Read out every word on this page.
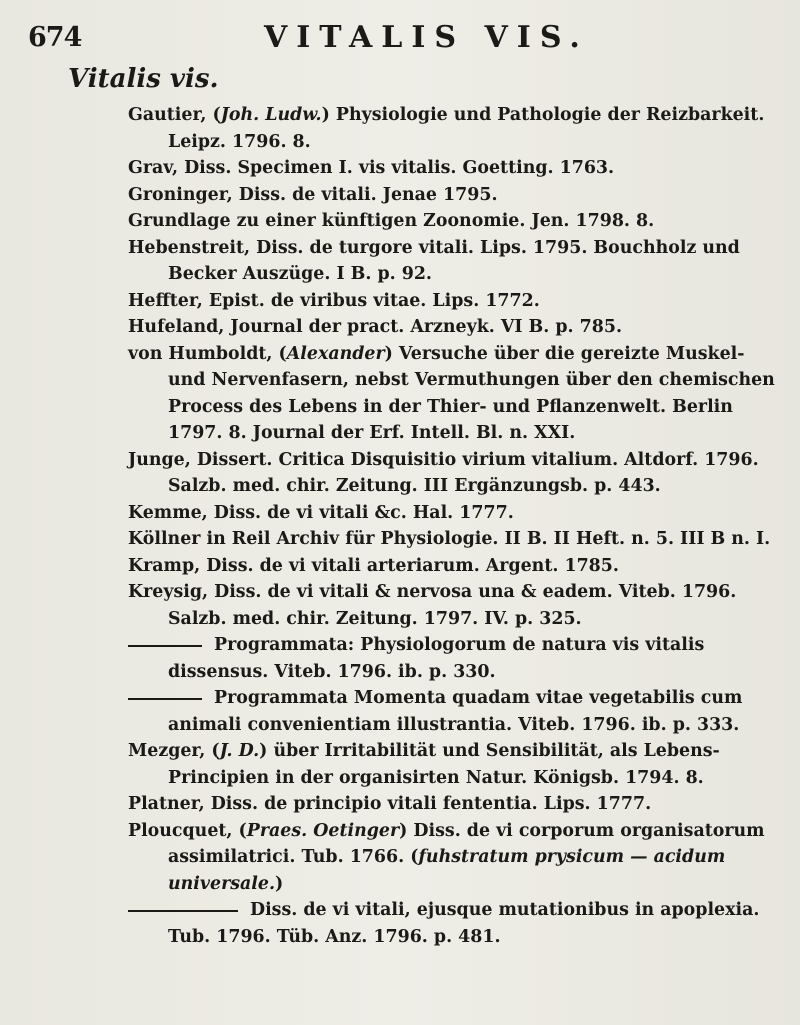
674	VITALIS VIS.
Vitalis vis.
Gautier, (Joh. Ludw.) Physiologie und Pathologie der Reizbarkeit. Leipz. 1796. 8.
Grav, Diss. Specimen I. vis vitalis. Goetting. 1763.
Groninger, Diss. de vitali. Jenae 1795.
Grundlage zu einer künftigen Zoonomie. Jen. 1798. 8.
Hebenstreit, Diss. de turgore vitali. Lips. 1795. Bouchholz und Becker Auszüge. I B. p. 92.
Heffter, Epist. de viribus vitae. Lips. 1772.
Hufeland, Journal der pract. Arzneyk. VI B. p. 785.
von Humboldt, (Alexander) Versuche über die gereizte Muskel- und Nervenfasern, nebst Vermuthungen über den chemischen Process des Lebens in der Thier- und Pflanzenwelt. Berlin 1797. 8. Journal der Erf. Intell. Bl. n. XXI.
Junge, Dissert. Critica Disquisitio virium vitalium. Altdorf. 1796. Salzb. med. chir. Zeitung. III Ergänzungsb. p. 443.
Kemme, Diss. de vi vitali &c. Hal. 1777.
Köllner in Reil Archiv für Physiologie. II B. II Heft. n. 5. III B n. I.
Kramp, Diss. de vi vitali arteriarum. Argent. 1785.
Kreysig, Diss. de vi vitali & nervosa una & eadem. Viteb. 1796. Salzb. med. chir. Zeitung. 1797. IV. p. 325.
Programmata: Physiologorum de natura vis vitalis dissensus. Viteb. 1796. ib. p. 330.
Programmata Momenta quadam vitae vegetabilis cum animali convenientiam illustrantia. Viteb. 1796. ib. p. 333.
Mezger, (J. D.) über Irritabilität und Sensibilität, als Lebens-Principien in der organisirten Natur. Königsb. 1794. 8.
Platner, Diss. de principio vitali fententia. Lips. 1777.
Ploucquet, (Praes. Oetinger) Diss. de vi corporum organisatorum assimilatrici. Tub. 1766. (fuhstratum prysicum — acidum universale.)
Diss. de vi vitali, ejusque mutationibus in apoplexia. Tub. 1796. Tüb. Anz. 1796. p. 481.
